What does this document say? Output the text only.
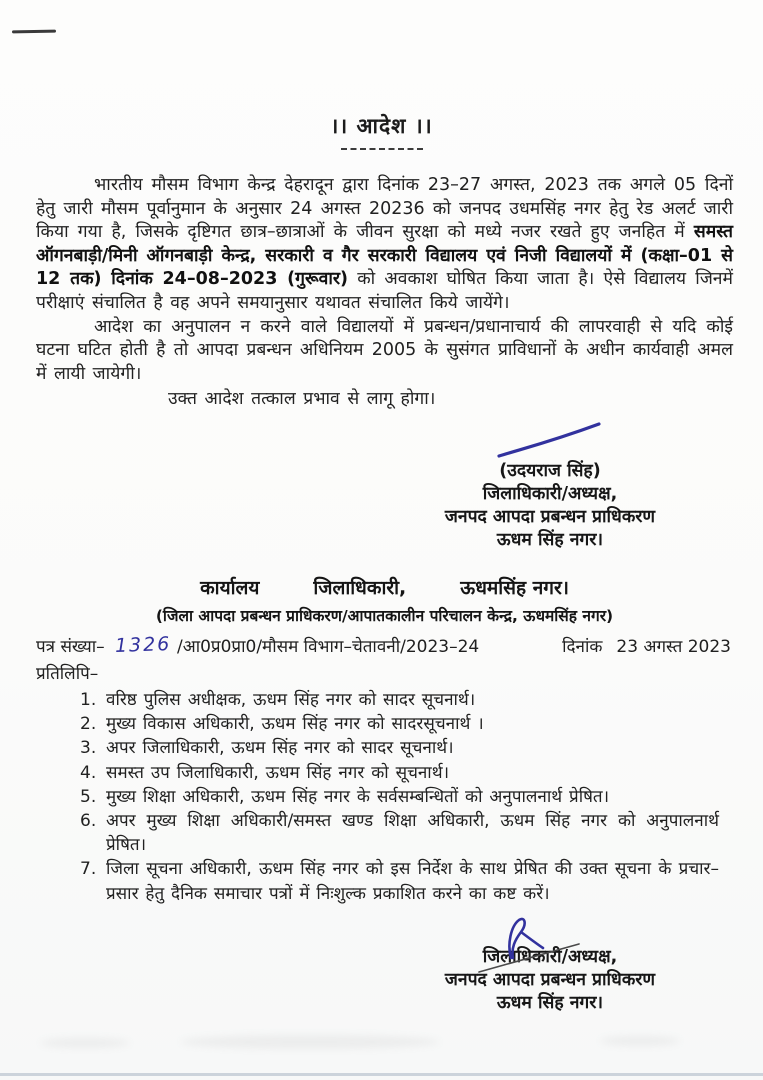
।। आदेश ।।

भारतीय मौसम विभाग केन्द्र देहरादून द्वारा दिनांक 23–27 अगस्त, 2023 तक अगले 05 दिनों हेतु जारी मौसम पूर्वानुमान के अनुसार 24 अगस्त 20236 को जनपद उधमसिंह नगर हेतु रेड अलर्ट जारी किया गया है, जिसके दृष्टिगत छात्र–छात्राओं के जीवन सुरक्षा को मध्ये नजर रखते हुए जनहित में समस्त ऑगनबाड़ी/मिनी ऑगनबाड़ी केन्द्र, सरकारी व गैर सरकारी विद्यालय एवं निजी विद्यालयों में (कक्षा–01 से 12 तक) दिनांक 24–08–2023 (गुरूवार) को अवकाश घोषित किया जाता है। ऐसे विद्यालय जिनमें परीक्षाएं संचालित है वह अपने समयानुसार यथावत संचालित किये जायेंगे।

आदेश का अनुपालन न करने वाले विद्यालयों में प्रबन्धन/प्रधानाचार्य की लापरवाही से यदि कोई घटना घटित होती है तो आपदा प्रबन्धन अधिनियम 2005 के सुसंगत प्राविधानों के अधीन कार्यवाही अमल में लायी जायेगी।

उक्त आदेश तत्काल प्रभाव से लागू होगा।

(उदयराज सिंह)
जिलाधिकारी/अध्यक्ष,
जनपद आपदा प्रबन्धन प्राधिकरण
ऊधम सिंह नगर।
कार्यालय	जिलाधिकारी,	ऊधमसिंह नगर।
(जिला आपदा प्रबन्धन प्राधिकरण/आपातकालीन परिचालन केन्द्र, ऊधमसिंह नगर)
पत्र संख्या– 1326 /आ0प्र0प्रा0/मौसम विभाग–चेतावनी/2023–24	दिनांक 23 अगस्त 2023
प्रतिलिपि–
1. वरिष्ठ पुलिस अधीक्षक, ऊधम सिंह नगर को सादर सूचनार्थ।
2. मुख्य विकास अधिकारी, ऊधम सिंह नगर को सादरसूचनार्थ ।
3. अपर जिलाधिकारी, ऊधम सिंह नगर को सादर सूचनार्थ।
4. समस्त उप जिलाधिकारी, ऊधम सिंह नगर को सूचनार्थ।
5. मुख्य शिक्षा अधिकारी, ऊधम सिंह नगर के सर्वसम्बन्धितों को अनुपालनार्थ प्रेषित।
6. अपर मुख्य शिक्षा अधिकारी/समस्त खण्ड शिक्षा अधिकारी, ऊधम सिंह नगर को अनुपालनार्थ प्रेषित।
7. जिला सूचना अधिकारी, ऊधम सिंह नगर को इस निर्देश के साथ प्रेषित की उक्त सूचना के प्रचार–प्रसार हेतु दैनिक समाचार पत्रों में निःशुल्क प्रकाशित करने का कष्ट करें।
जिलाधिकारी/अध्यक्ष,
जनपद आपदा प्रबन्धन प्राधिकरण
ऊधम सिंह नगर।
